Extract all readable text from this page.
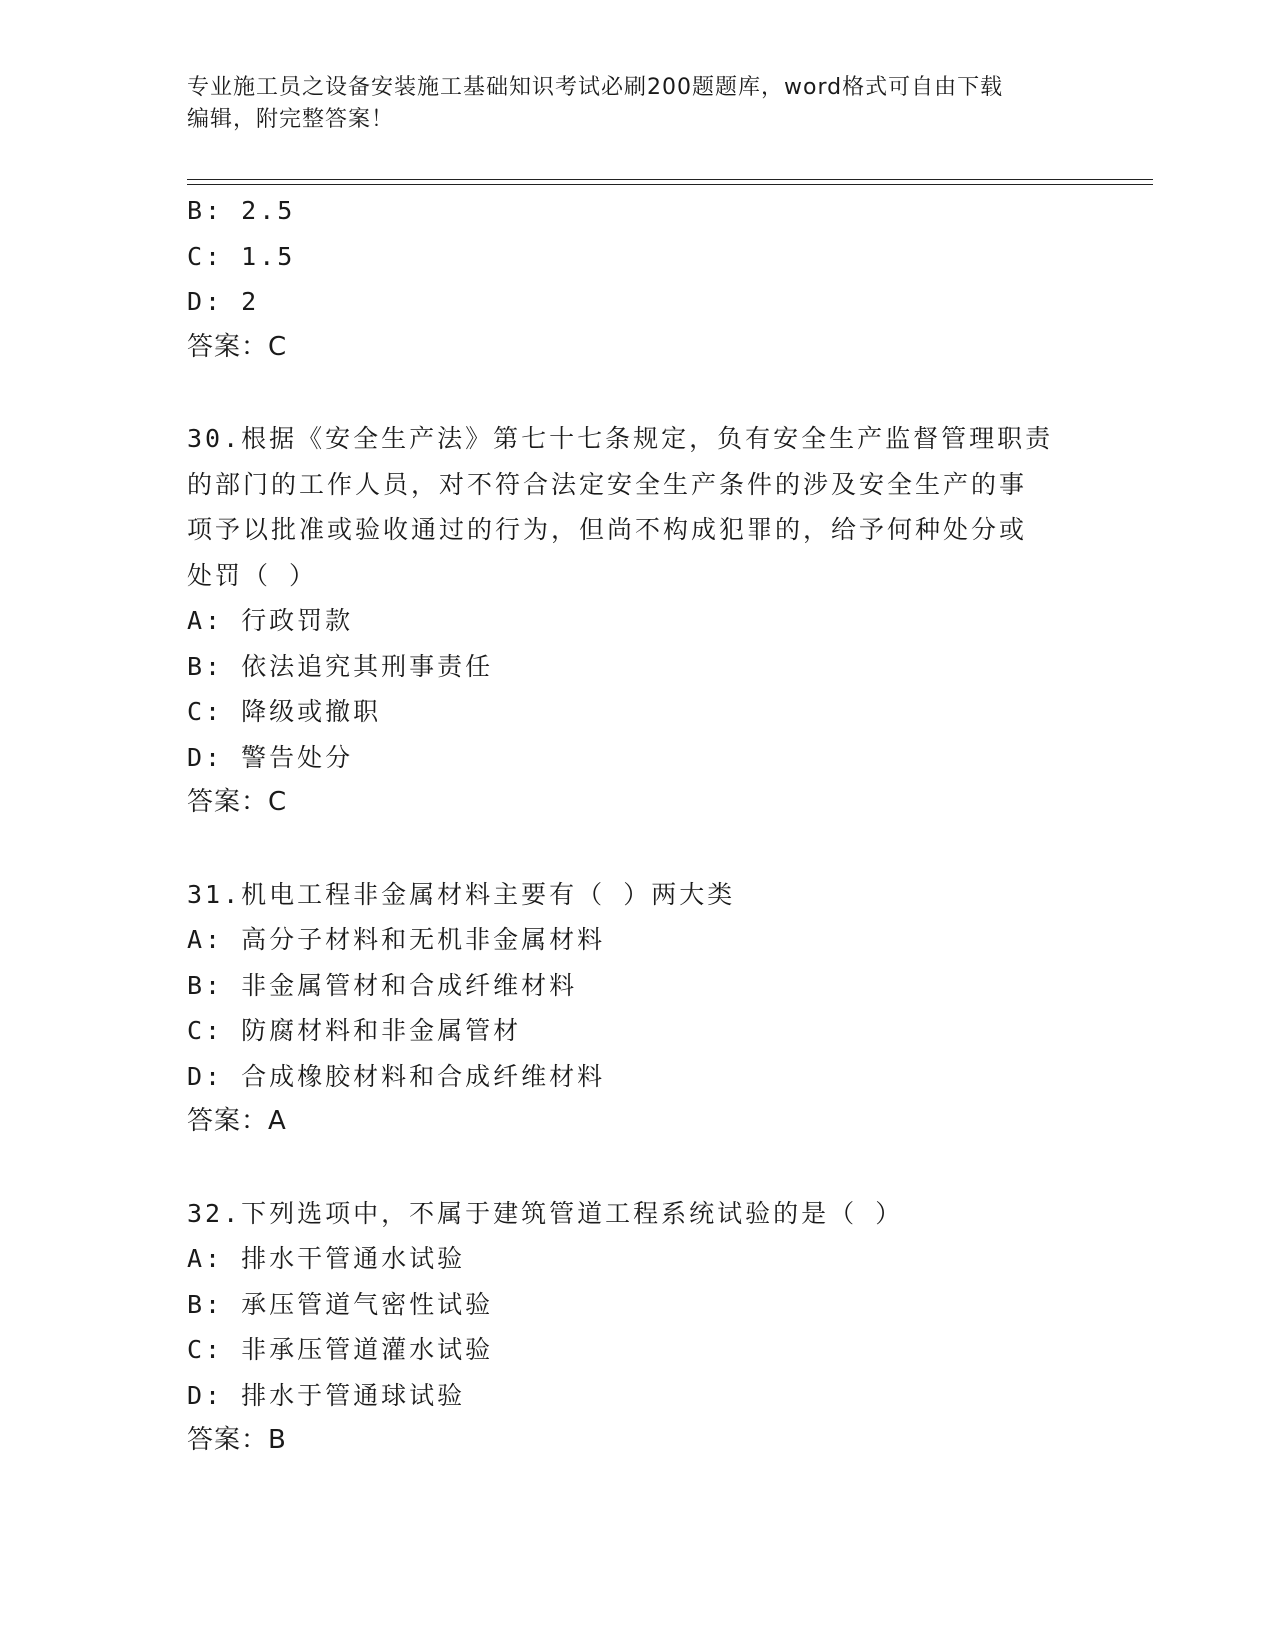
专业施工员之设备安装施工基础知识考试必刷200题题库，word格式可自由下载
编辑，附完整答案！
B: 2.5
C: 1.5
D: 2
答案：C
30.根据《安全生产法》第七十七条规定，负有安全生产监督管理职责
的部门的工作人员，对不符合法定安全生产条件的涉及安全生产的事
项予以批准或验收通过的行为，但尚不构成犯罪的，给予何种处分或
处罚（ ）
A: 行政罚款
B: 依法追究其刑事责任
C: 降级或撤职
D: 警告处分
答案：C
31.机电工程非金属材料主要有（ ）两大类
A: 高分子材料和无机非金属材料
B: 非金属管材和合成纤维材料
C: 防腐材料和非金属管材
D: 合成橡胶材料和合成纤维材料
答案：A
32.下列选项中，不属于建筑管道工程系统试验的是（ ）
A: 排水干管通水试验
B: 承压管道气密性试验
C: 非承压管道灌水试验
D: 排水于管通球试验
答案：B
